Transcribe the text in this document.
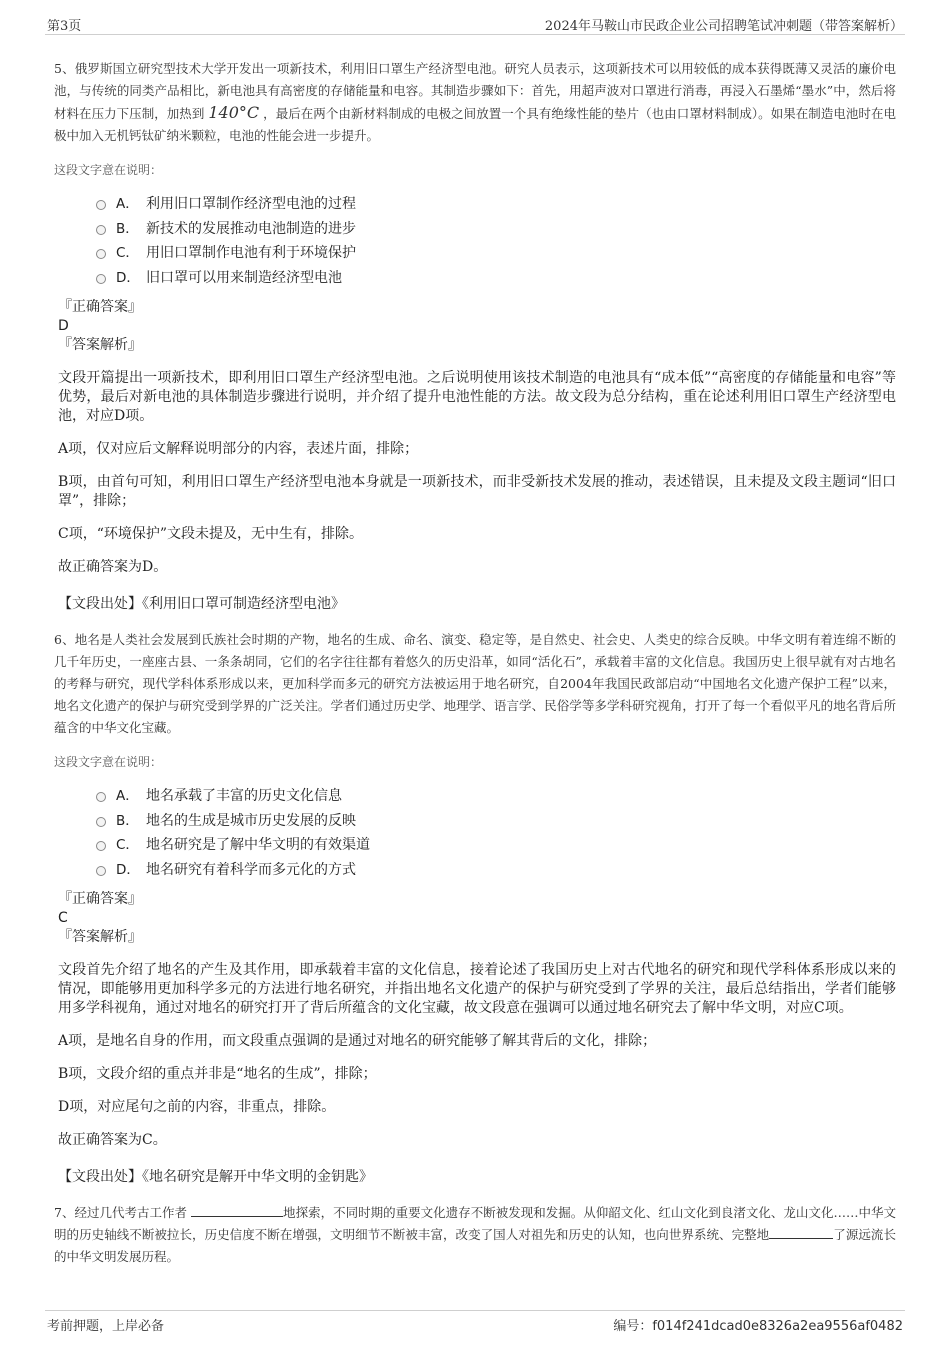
第3页	2024年马鞍山市民政企业公司招聘笔试冲刺题（带答案解析）

5、俄罗斯国立研究型技术大学开发出一项新技术，利用旧口罩生产经济型电池。研究人员表示，这项新技术可以用较低的成本获得既薄又灵活的廉价电池，与传统的同类产品相比，新电池具有高密度的存储能量和电容。其制造步骤如下：首先，用超声波对口罩进行消毒，再浸入石墨烯“墨水”中，然后将材料在压力下压制，加热到 140°C ，最后在两个由新材料制成的电极之间放置一个具有绝缘性能的垫片（也由口罩材料制成）。如果在制造电池时在电极中加入无机钙钛矿纳米颗粒，电池的性能会进一步提升。

这段文字意在说明：

A． 利用旧口罩制作经济型电池的过程
B． 新技术的发展推动电池制造的进步
C． 用旧口罩制作电池有利于环境保护
D． 旧口罩可以用来制造经济型电池

『正确答案』

D

『答案解析』

文段开篇提出一项新技术，即利用旧口罩生产经济型电池。之后说明使用该技术制造的电池具有“成本低”“高密度的存储能量和电容”等优势，最后对新电池的具体制造步骤进行说明，并介绍了提升电池性能的方法。故文段为总分结构，重在论述利用旧口罩生产经济型电池，对应D项。

A项，仅对应后文解释说明部分的内容，表述片面，排除；

B项，由首句可知，利用旧口罩生产经济型电池本身就是一项新技术，而非受新技术发展的推动，表述错误，且未提及文段主题词“旧口罩”，排除；

C项，“环境保护”文段未提及，无中生有，排除。

故正确答案为D。

【文段出处】《利用旧口罩可制造经济型电池》

6、地名是人类社会发展到氏族社会时期的产物，地名的生成、命名、演变、稳定等，是自然史、社会史、人类史的综合反映。中华文明有着连绵不断的几千年历史，一座座古县、一条条胡同，它们的名字往往都有着悠久的历史沿革，如同“活化石”，承载着丰富的文化信息。我国历史上很早就有对古地名的考释与研究，现代学科体系形成以来，更加科学而多元的研究方法被运用于地名研究，自2004年我国民政部启动“中国地名文化遗产保护工程”以来，地名文化遗产的保护与研究受到学界的广泛关注。学者们通过历史学、地理学、语言学、民俗学等多学科研究视角，打开了每一个看似平凡的地名背后所蕴含的中华文化宝藏。

这段文字意在说明：

A． 地名承载了丰富的历史文化信息
B． 地名的生成是城市历史发展的反映
C． 地名研究是了解中华文明的有效渠道
D． 地名研究有着科学而多元化的方式

『正确答案』

C

『答案解析』

文段首先介绍了地名的产生及其作用，即承载着丰富的文化信息，接着论述了我国历史上对古代地名的研究和现代学科体系形成以来的情况，即能够用更加科学多元的方法进行地名研究，并指出地名文化遗产的保护与研究受到了学界的关注，最后总结指出，学者们能够用多学科视角，通过对地名的研究打开了背后所蕴含的文化宝藏，故文段意在强调可以通过地名研究去了解中华文明，对应C项。

A项，是地名自身的作用，而文段重点强调的是通过对地名的研究能够了解其背后的文化，排除；

B项，文段介绍的重点并非是“地名的生成”，排除；

D项，对应尾句之前的内容，非重点，排除。

故正确答案为C。

【文段出处】《地名研究是解开中华文明的金钥匙》

7、经过几代考古工作者	地探索，不同时期的重要文化遗存不断被发现和发掘。从仰韶文化、红山文化到良渚文化、龙山文化……中华文明的历史轴线不断被拉长，历史信度不断在增强，文明细节不断被丰富，改变了国人对祖先和历史的认知，也向世界系统、完整地	了源远流长的中华文明发展历程。

考前押题，上岸必备	编号：f014f241dcad0e8326a2ea9556af0482
